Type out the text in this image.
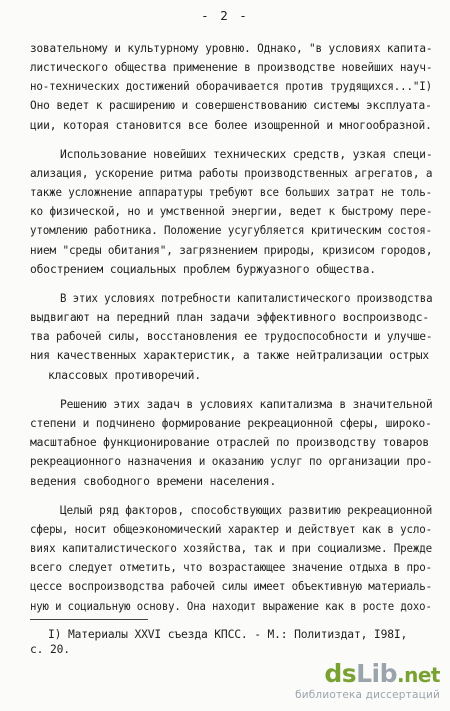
- 2 -
зовательному и культурному уровню. Однако, "в условиях капита-
листического общества применение в производстве новейших науч-
но-технических достижений оборачивается против трудящихся..."I)
Оно ведет к расширению и совершенствованию системы эксплуата-
ции, которая становится все более изощренной и многообразной.
Использование новейших технических средств, узкая специ-
ализация, ускорение ритма работы производственных агрегатов, а
также усложнение аппаратуры требуют все больших затрат не толь-
ко физической, но и умственной энергии, ведет к быстрому пере-
утомлению работника. Положение усугубляется критическим состоя-
нием "среды обитания", загрязнением природы, кризисом городов,
обострением социальных проблем буржуазного общества.
В этих условиях потребности капиталистического производства
выдвигают на передний план задачи эффективного воспроизводс-
тва рабочей силы, восстановления ее трудоспособности и улучше-
ния качественных характеристик, а также нейтрализации острых
классовых противоречий.
Решению этих задач в условиях капитализма в значительной
степени и подчинено формирование рекреационной сферы, широко-
масштабное функционирование отраслей по производству товаров
рекреационного назначения и оказанию услуг по организации про-
ведения свободного времени населения.
Целый ряд факторов, способствующих развитию рекреационной
сферы, носит общеэкономический характер и действует как в усло-
виях капиталистического хозяйства, так и при социализме. Прежде
всего следует отметить, что возрастающее значение отдыха в про-
цессе воспроизводства рабочей силы имеет объективную материаль-
ную и социальную основу. Она находит выражение как в росте дохо-
I) Материалы XXVI съезда КПСС. - М.: Политиздат, I98I,
с. 20.
dsLib.net
библиотека диссертаций
